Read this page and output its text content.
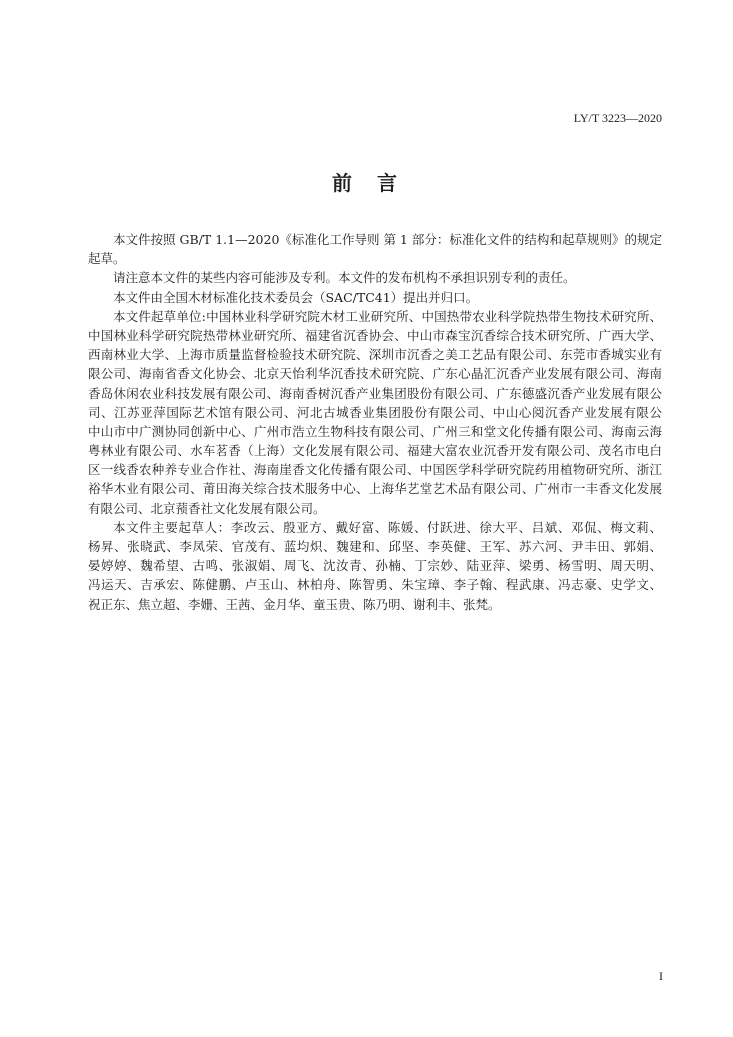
LY/T 3223—2020
前 言
本文件按照 GB/T 1.1—2020《标准化工作导则 第 1 部分：标准化文件的结构和起草规则》的规定
起草。
请注意本文件的某些内容可能涉及专利。本文件的发布机构不承担识别专利的责任。
本文件由全国木材标准化技术委员会（SAC/TC41）提出并归口。
本文件起草单位:中国林业科学研究院木材工业研究所、中国热带农业科学院热带生物技术研究所、
中国林业科学研究院热带林业研究所、福建省沉香协会、中山市森宝沉香综合技术研究所、广西大学、
西南林业大学、上海市质量监督检验技术研究院、深圳市沉香之美工艺品有限公司、东莞市香城实业有
限公司、海南省香文化协会、北京天怡利华沉香技术研究院、广东心晶汇沉香产业发展有限公司、海南
香岛休闲农业科技发展有限公司、海南香树沉香产业集团股份有限公司、广东德盛沉香产业发展有限公
司、江苏亚萍国际艺术馆有限公司、河北古城香业集团股份有限公司、中山心阅沉香产业发展有限公
中山市中广测协同创新中心、广州市浩立生物科技有限公司、广州三和堂文化传播有限公司、海南云海
粤林业有限公司、水车茗香（上海）文化发展有限公司、福建大富农业沉香开发有限公司、茂名市电白
区一线香农种养专业合作社、海南崖香文化传播有限公司、中国医学科学研究院药用植物研究所、浙江
裕华木业有限公司、莆田海关综合技术服务中心、上海华艺堂艺术品有限公司、广州市一丰香文化发展
有限公司、北京蓣香社文化发展有限公司。
本文件主要起草人：李改云、殷亚方、戴好富、陈媛、付跃进、徐大平、吕斌、邓侃、梅文莉、
杨昇、张晓武、李凤荣、官茂有、蓝均炽、魏建和、邱坚、李英健、王军、苏六河、尹丰田、郭娟、
晏婷婷、魏希望、古鸣、张淑娟、周飞、沈汝青、孙楠、丁宗妙、陆亚萍、梁勇、杨雪明、周天明、
冯运天、吉承宏、陈健鹏、卢玉山、林柏舟、陈智勇、朱宝璋、李子翰、程武康、冯志豪、史学文、
祝正东、焦立超、李姗、王茜、金月华、童玉贵、陈乃明、谢利丰、张梵。
I
